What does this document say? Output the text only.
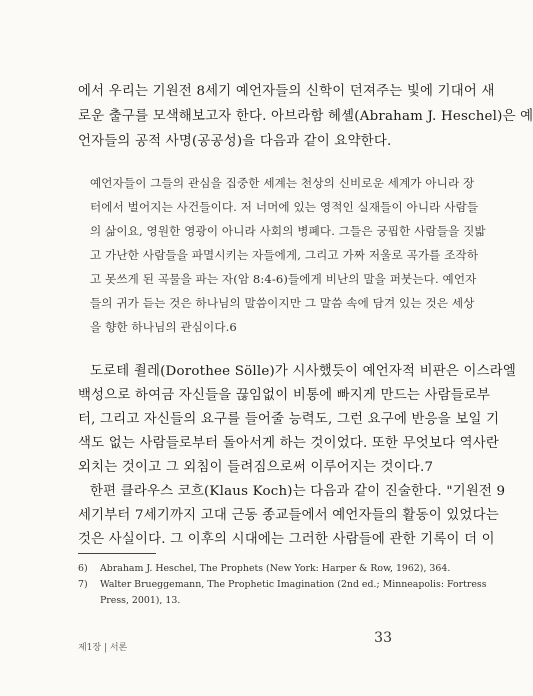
에서 우리는 기원전 8세기 예언자들의 신학이 던져주는 빛에 기대어 새
로운 출구를 모색해보고자 한다. 아브라함 헤셸(Abraham J. Heschel)은 예
언자들의 공적 사명(공공성)을 다음과 같이 요약한다.
예언자들이 그들의 관심을 집중한 세계는 천상의 신비로운 세계가 아니라 장
터에서 벌어지는 사건들이다. 저 너머에 있는 영적인 실재들이 아니라 사람들
의 삶이요, 영원한 영광이 아니라 사회의 병폐다. 그들은 궁핍한 사람들을 짓밟
고 가난한 사람들을 파멸시키는 자들에게, 그리고 가짜 저울로 곡가를 조작하
고 못쓰게 된 곡물을 파는 자(암 8:4-6)들에게 비난의 말을 퍼붓는다. 예언자
들의 귀가 듣는 것은 하나님의 말씀이지만 그 말씀 속에 담겨 있는 것은 세상
을 향한 하나님의 관심이다.6
도로테 죌레(Dorothee Sölle)가 시사했듯이 예언자적 비판은 이스라엘
백성으로 하여금 자신들을 끊임없이 비통에 빠지게 만드는 사람들로부
터, 그리고 자신들의 요구를 들어줄 능력도, 그런 요구에 반응을 보일 기
색도 없는 사람들로부터 돌아서게 하는 것이었다. 또한 무엇보다 역사란
외치는 것이고 그 외침이 들려짐으로써 이루어지는 것이다.7
한편 클라우스 코흐(Klaus Koch)는 다음과 같이 진술한다. "기원전 9
세기부터 7세기까지 고대 근동 종교들에서 예언자들의 활동이 있었다는
것은 사실이다. 그 이후의 시대에는 그러한 사람들에 관한 기록이 더 이
6) Abraham J. Heschel, The Prophets (New York: Harper & Row, 1962), 364.
7) Walter Brueggemann, The Prophetic Imagination (2nd ed.; Minneapolis: Fortress
Press, 2001), 13.
제1장 | 서론
33
